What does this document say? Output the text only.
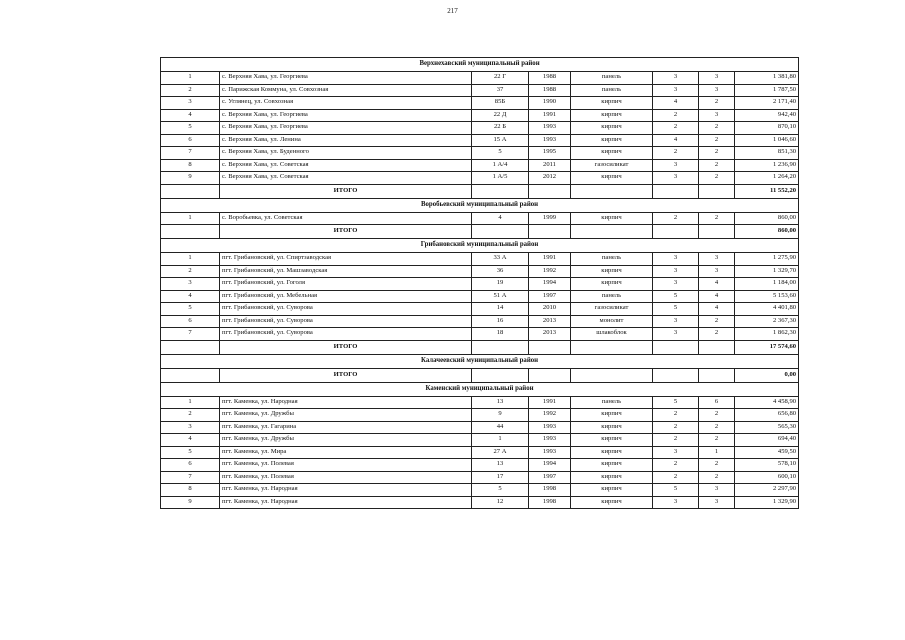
217
Верхнехавский муниципальный район							
1	с. Верхняя Хава, ул. Георгиева	22 Г	1988	панель	3	3	1 381,80
2	с. Парижская Коммуна, ул. Совхозная	37	1988	панель	3	3	1 787,50
3	с. Углянец, ул. Совхозная	85Б	1990	кирпич	4	2	2 171,40
4	с. Верхняя Хава, ул. Георгиева	22 Д	1991	кирпич	2	3	942,40
5	с. Верхняя Хава, ул. Георгиева	22 Б	1993	кирпич	2	2	870,10
6	с. Верхняя Хава, ул. Ленина	15 А	1993	кирпич	4	2	1 046,60
7	с. Верхняя Хава, ул. Буденного	5	1995	кирпич	2	2	851,30
8	с. Верхняя Хава, ул. Советская	1 А/4	2011	газосиликат	3	2	1 236,90
9	с. Верхняя Хава, ул. Советская	1 А/5	2012	кирпич	3	2	1 264,20
	ИТОГО						11 552,20
Воробьевский муниципальный район							
1	с. Воробьевка, ул. Советская	4	1999	кирпич	2	2	860,00
	ИТОГО						860,00
Грибановский муниципальный район							
1	пгт. Грибановский, ул. Спиртзаводская	33 А	1991	панель	3	3	1 275,90
2	пгт. Грибановский, ул. Машзаводская	36	1992	кирпич	3	3	1 329,70
3	пгт. Грибановский, ул. Гоголя	19	1994	кирпич	3	4	1 184,00
4	пгт. Грибановский, ул. Мебельная	51 А	1997	панель	5	4	5 153,60
5	пгт. Грибановский, ул. Суворова	14	2010	газосиликат	5	4	4 401,80
6	пгт. Грибановский, ул. Суворова	16	2013	монолит	3	2	2 367,30
7	пгт. Грибановский, ул. Суворова	18	2013	шлакоблок	3	2	1 862,30
	ИТОГО						17 574,60
Калачеевский муниципальный район							
	ИТОГО						0,00
Каменский муниципальный район							
1	пгт. Каменка, ул. Народная	13	1991	панель	5	6	4 458,90
2	пгт. Каменка, ул. Дружбы	9	1992	кирпич	2	2	656,80
3	пгт. Каменка, ул. Гагарина	44	1993	кирпич	2	2	565,30
4	пгт. Каменка, ул. Дружбы	1	1993	кирпич	2	2	694,40
5	пгт. Каменка, ул. Мира	27 А	1993	кирпич	3	1	459,50
6	пгт. Каменка, ул. Полевая	13	1994	кирпич	2	2	578,10
7	пгт. Каменка, ул. Полевая	17	1997	кирпич	2	2	600,10
8	пгт. Каменка, ул. Народная	5	1998	кирпич	5	3	2 297,90
9	пгт. Каменка, ул. Народная	12	1998	кирпич	3	3	1 329,90
